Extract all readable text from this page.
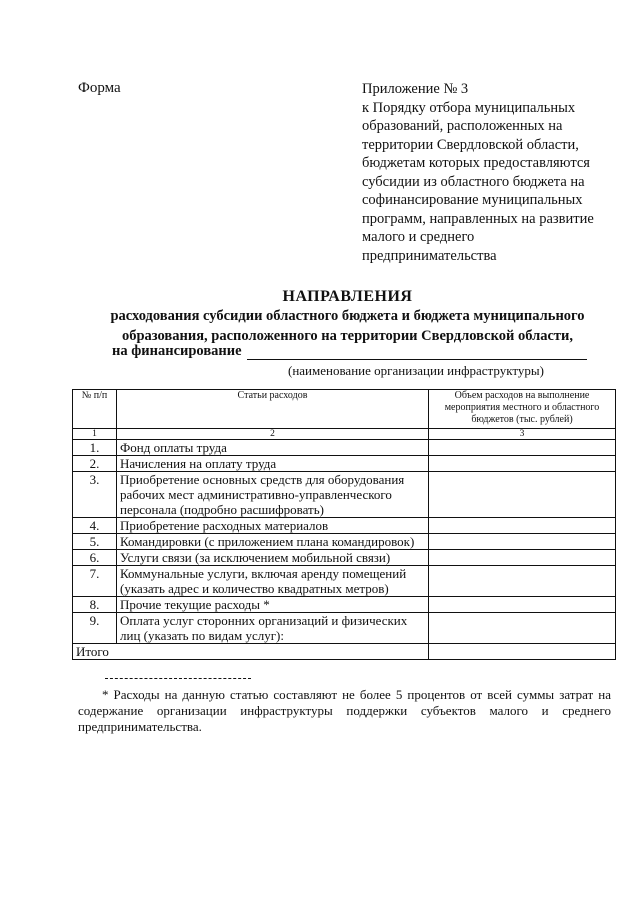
Форма	Приложение № 3
к Порядку отбора муниципальных
образований, расположенных на
территории Свердловской области,
бюджетам которых предоставляются
субсидии из областного бюджета на
софинансирование муниципальных
программ, направленных на развитие
малого и среднего
предпринимательства
НАПРАВЛЕНИЯ
расходования субсидии областного бюджета и бюджета муниципального
образования, расположенного на территории Свердловской области,
на финансирование
(наименование организации инфраструктуры)
№ п/п	Статьи расходов	Объем расходов на выполнение мероприятия местного и областного бюджетов (тыс. рублей)
1	2	3
1.	Фонд оплаты труда	
2.	Начисления на оплату труда	
3.	Приобретение основных средств для оборудования рабочих мест административно-управленческого персонала (подробно расшифровать)	
4.	Приобретение расходных материалов	
5.	Командировки (с приложением плана командировок)	
6.	Услуги связи (за исключением мобильной связи)	
7.	Коммунальные услуги, включая аренду помещений (указать адрес и количество квадратных метров)	
8.	Прочие текущие расходы *	
9.	Оплата услуг сторонних организаций и физических лиц (указать по видам услуг):	
Итого		
* Расходы на данную статью составляют не более 5 процентов от всей суммы затрат на содержание организации инфраструктуры поддержки субъектов малого и среднего предпринимательства.
